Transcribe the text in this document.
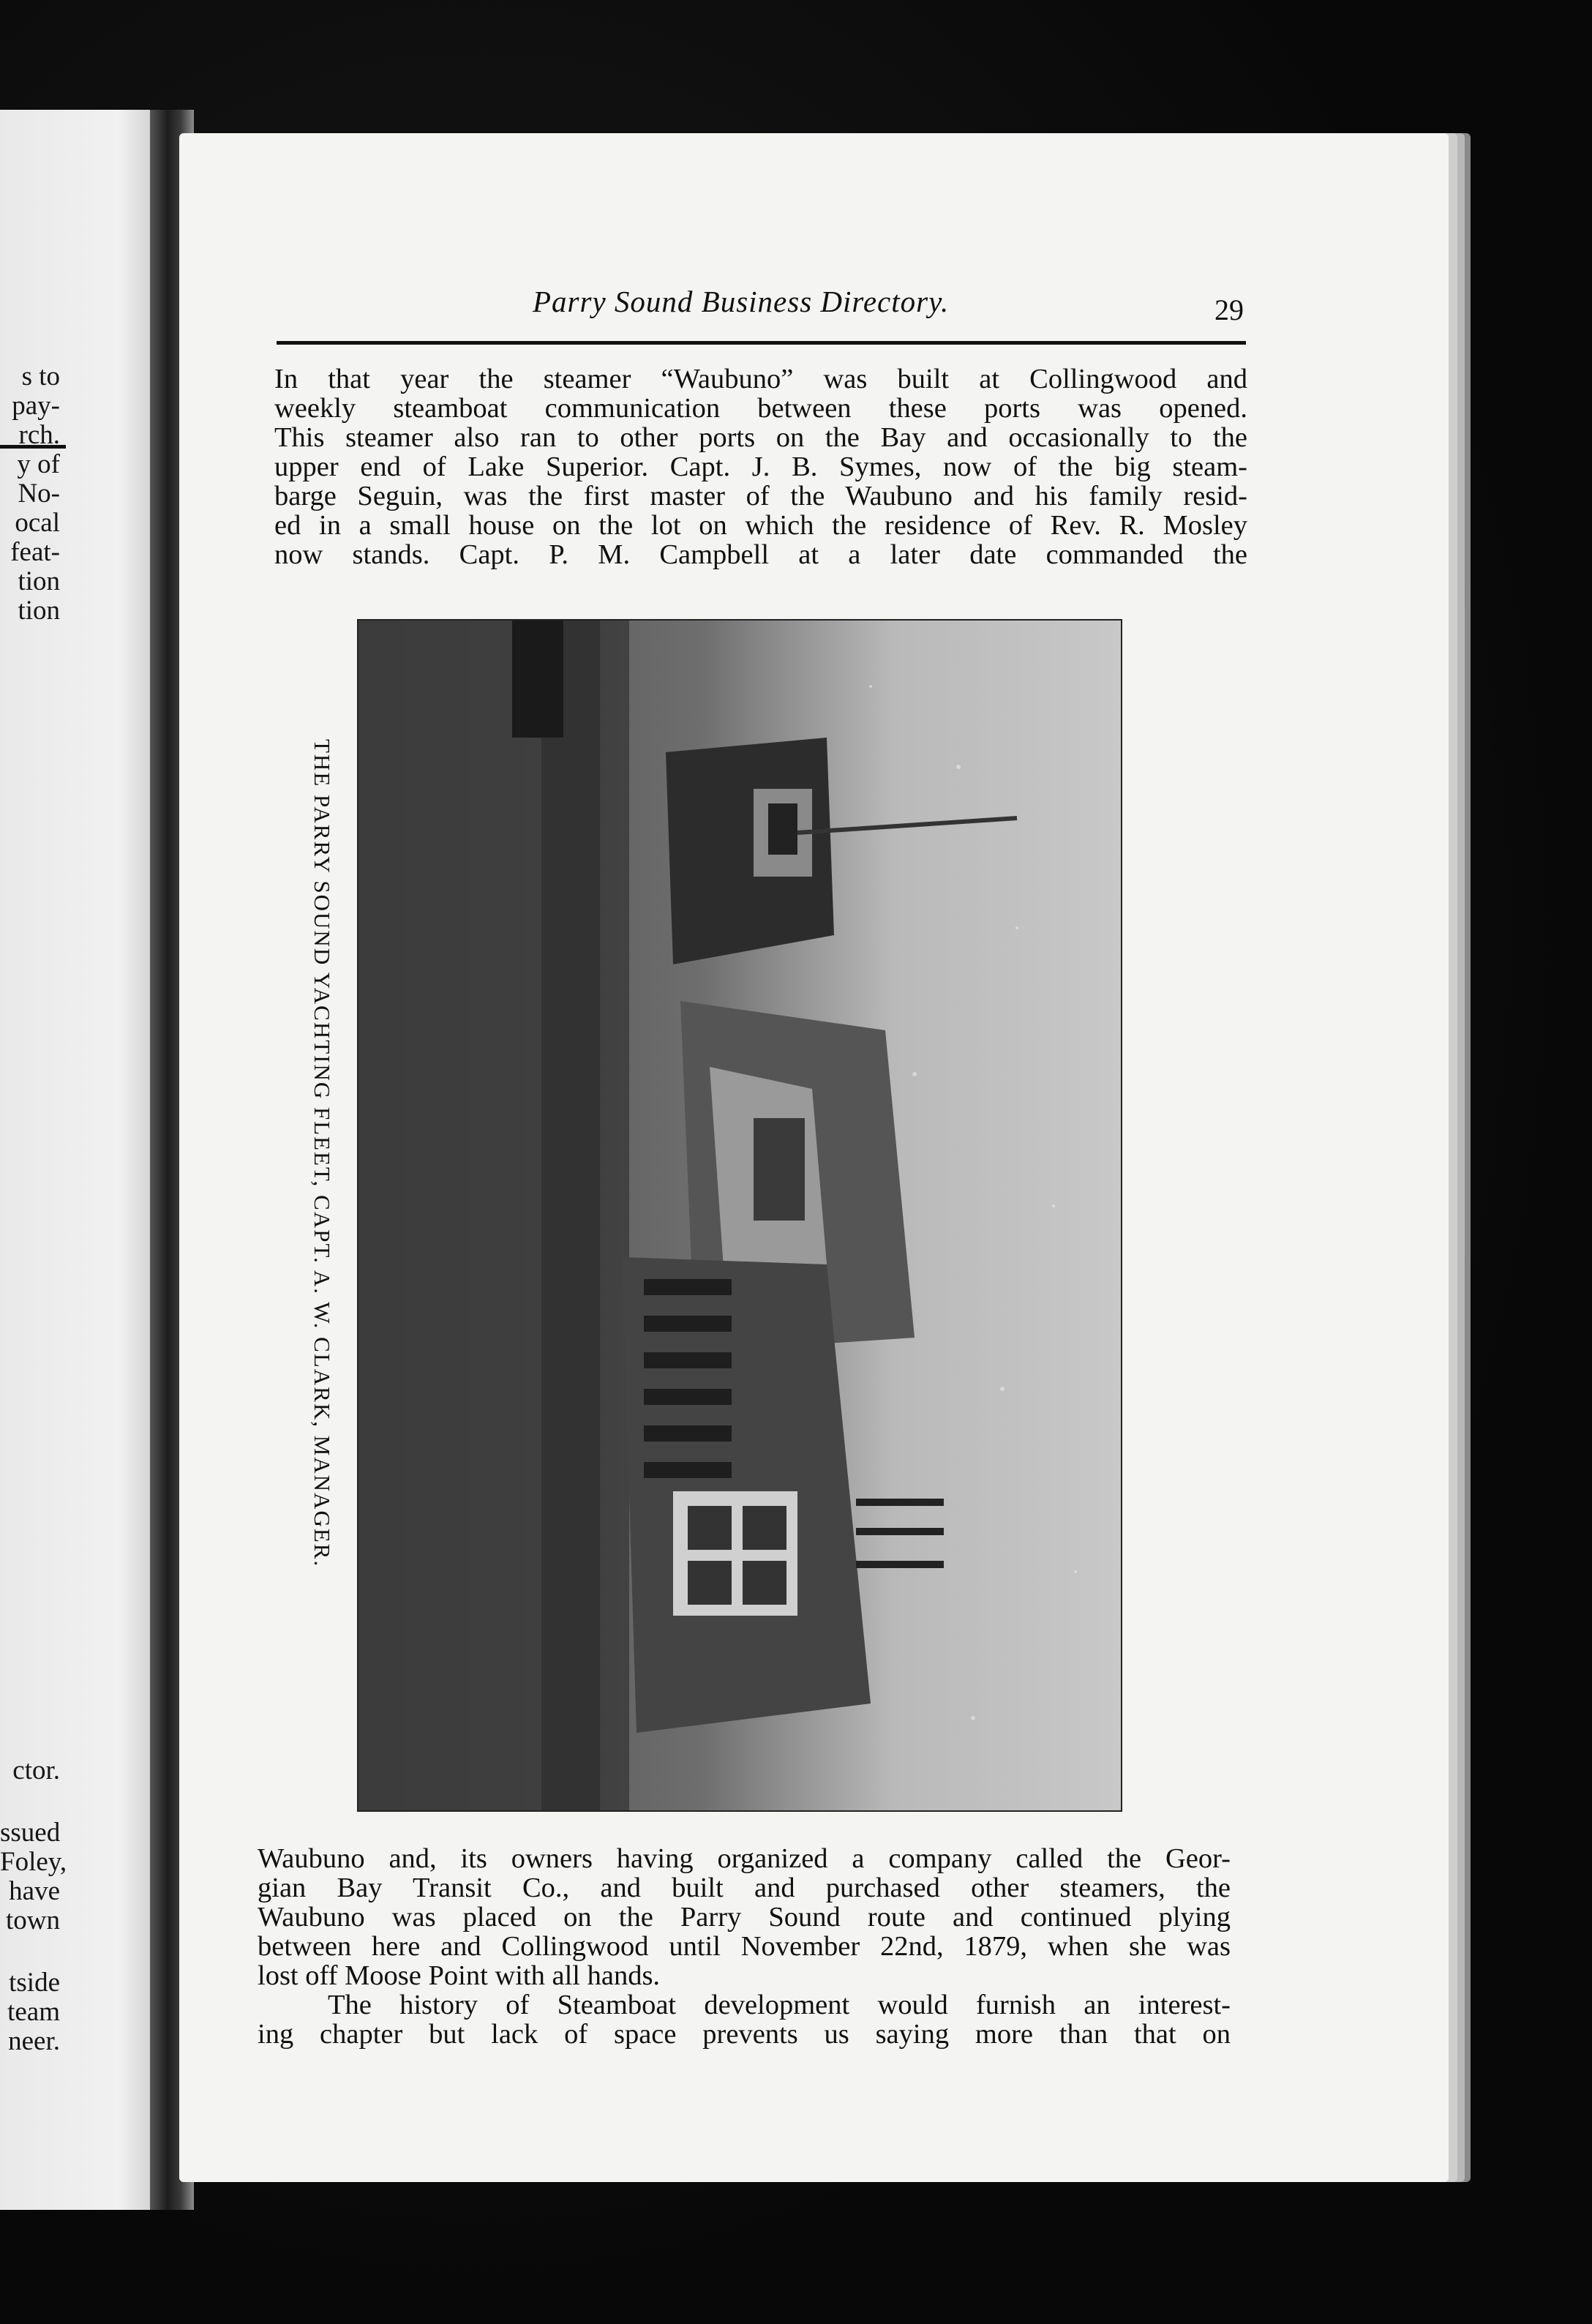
s to
pay-
rch.
y of
No-
ocal
feat-
tion
tion
ctor.
ssued
Foley,
have
town
tside
team
neer.
Parry Sound Business Directory.	29
In that year the steamer “Waubuno” was built at Collingwood and
weekly steamboat communication between these ports was opened.
This steamer also ran to other ports on the Bay and occasionally to the
upper end of Lake Superior. Capt. J. B. Symes, now of the big steam-
barge Seguin, was the first master of the Waubuno and his family resid-
ed in a small house on the lot on which the residence of Rev. R. Mosley
now stands. Capt. P. M. Campbell at a later date commanded the
THE PARRY SOUND YACHTING FLEET, CAPT. A. W. CLARK, MANAGER.
Waubuno and, its owners having organized a company called the Geor-
gian Bay Transit Co., and built and purchased other steamers, the
Waubuno was placed on the Parry Sound route and continued plying
between here and Collingwood until November 22nd, 1879, when she was
lost off Moose Point with all hands.
The history of Steamboat development would furnish an interest-
ing chapter but lack of space prevents us saying more than that on
